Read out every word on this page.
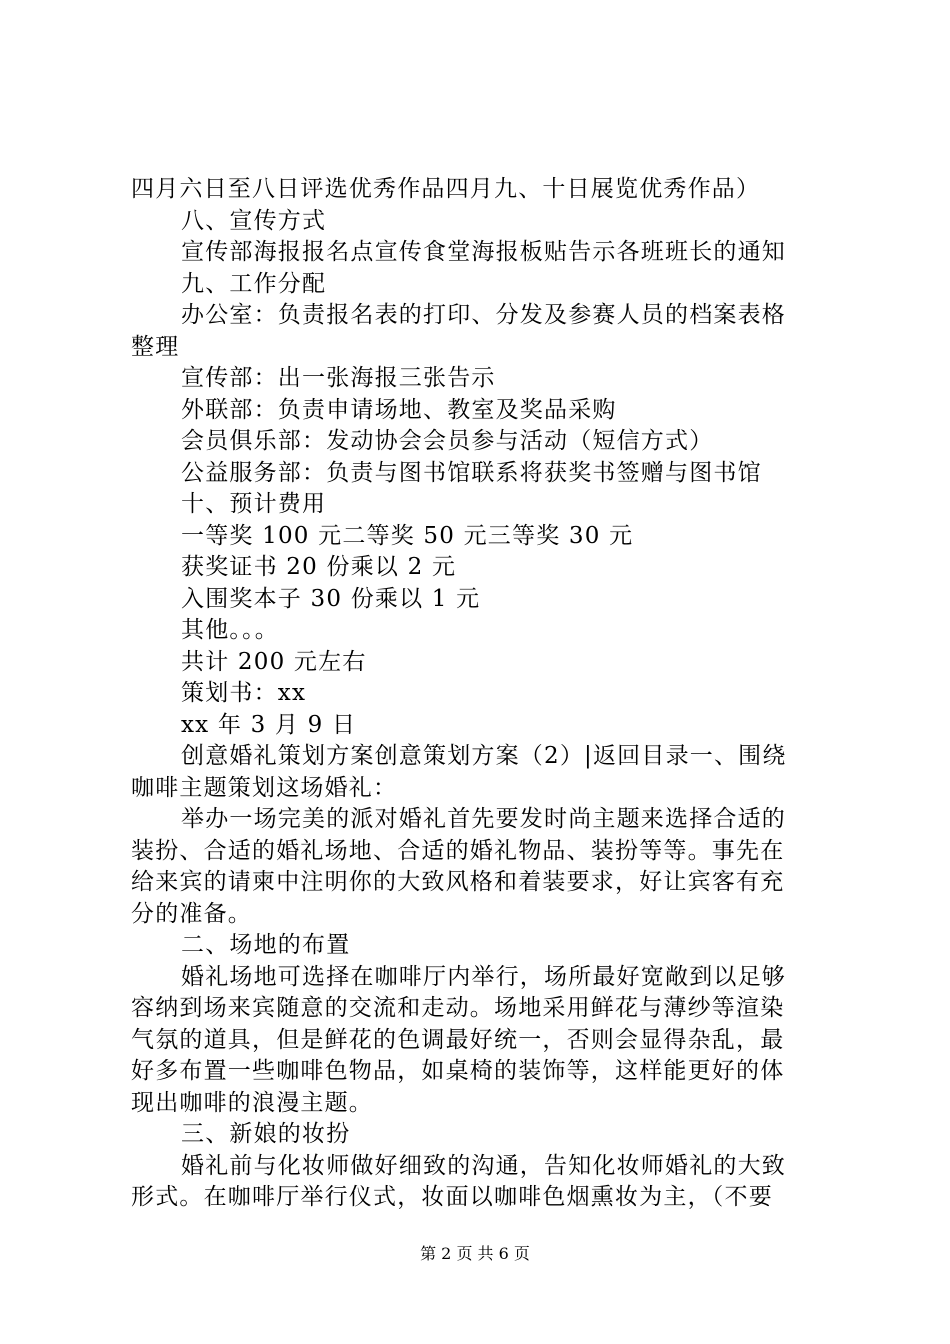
四月六日至八日评选优秀作品四月九、十日展览优秀作品）
八、宣传方式
宣传部海报报名点宣传食堂海报板贴告示各班班长的通知
九、工作分配
办公室：负责报名表的打印、分发及参赛人员的档案表格
整理
宣传部：出一张海报三张告示
外联部：负责申请场地、教室及奖品采购
会员俱乐部：发动协会会员参与活动（短信方式）
公益服务部：负责与图书馆联系将获奖书签赠与图书馆
十、预计费用
一等奖 100 元二等奖 50 元三等奖 30 元
获奖证书 20 份乘以 2 元
入围奖本子 30 份乘以 1 元
其他。。。
共计 200 元左右
策划书：xx
xx 年 3 月 9 日
创意婚礼策划方案创意策划方案（2）|返回目录一、围绕
咖啡主题策划这场婚礼：
举办一场完美的派对婚礼首先要发时尚主题来选择合适的
装扮、合适的婚礼场地、合适的婚礼物品、装扮等等。事先在
给来宾的请柬中注明你的大致风格和着装要求，好让宾客有充
分的准备。
二、场地的布置
婚礼场地可选择在咖啡厅内举行，场所最好宽敞到以足够
容纳到场来宾随意的交流和走动。场地采用鲜花与薄纱等渲染
气氛的道具，但是鲜花的色调最好统一，否则会显得杂乱，最
好多布置一些咖啡色物品，如桌椅的装饰等，这样能更好的体
现出咖啡的浪漫主题。
三、新娘的妆扮
婚礼前与化妆师做好细致的沟通，告知化妆师婚礼的大致
形式。在咖啡厅举行仪式，妆面以咖啡色烟熏妆为主，（不要
第 2 页 共 6 页
